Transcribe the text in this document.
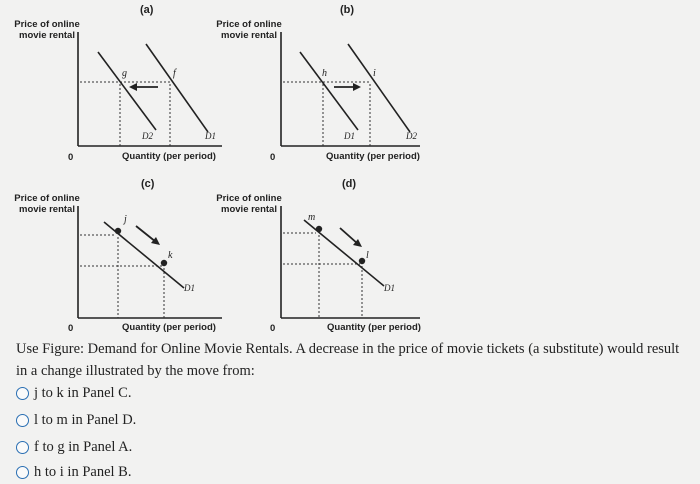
(a)	(b)
(c)	(d)
Price of online movie rental
Price of online movie rental
Price of online movie rental
Price of online movie rental
0	0
0	0
Quantity (per period)	Quantity (per period)
Quantity (per period)	Quantity (per period)
g	f
D2	D1
h	i
D1	D2
j
k
D1
m
l
D1
Use Figure: Demand for Online Movie Rentals. A decrease in the price of movie tickets (a substitute) would result in a change illustrated by the move from:
j to k in Panel C.
l to m in Panel D.
f to g in Panel A.
h to i in Panel B.
